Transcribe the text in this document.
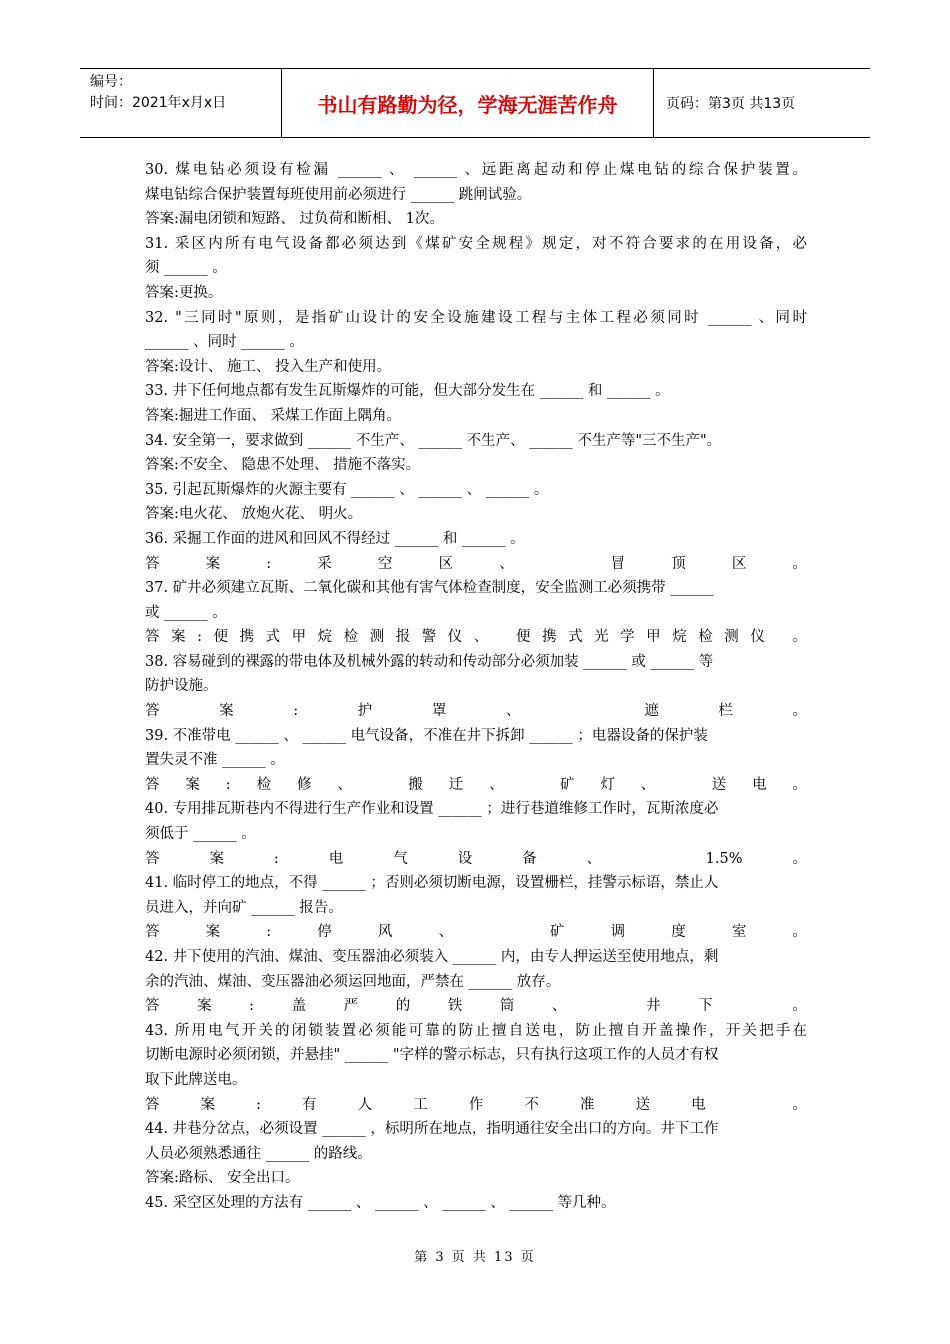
编号：
时间：2021年x月x日	书山有路勤为径，学海无涯苦作舟	页码：第3页 共13页
30. 煤电钻必须设有检漏 ______ 、 ______ 、远距离起动和停止煤电钻的综合保护装置。
煤电钻综合保护装置每班使用前必须进行 ______ 跳闸试验。
答案:漏电闭锁和短路、 过负荷和断相、 1次。
31. 采区内所有电气设备都必须达到《煤矿安全规程》规定，对不符合要求的在用设备，必
须 ______ 。
答案:更换。
32. "三同时"原则，是指矿山设计的安全设施建设工程与主体工程必须同时 ______ 、同时
______ 、同时 ______ 。
答案:设计、 施工、 投入生产和使用。
33. 井下任何地点都有发生瓦斯爆炸的可能，但大部分发生在 ______ 和 ______ 。
答案:掘进工作面、 采煤工作面上隅角。
34. 安全第一，要求做到 ______ 不生产、 ______ 不生产、 ______ 不生产等"三不生产"。
答案:不安全、 隐患不处理、 措施不落实。
35. 引起瓦斯爆炸的火源主要有 ______ 、 ______ 、 ______ 。
答案:电火花、 放炮火花、 明火。
36. 采掘工作面的进风和回风不得经过 ______ 和 ______ 。
答案:采空区、 冒顶区。
37. 矿井必须建立瓦斯、二氧化碳和其他有害气体检查制度，安全监测工必须携带 ______
或 ______ 。
答案:便携式甲烷检测报警仪、 便携式光学甲烷检测仪 。
38. 容易碰到的裸露的带电体及机械外露的转动和传动部分必须加装 ______ 或 ______ 等
防护设施。
答案:护罩、 遮栏。
39. 不准带电 ______ 、 ______ 电气设备，不准在井下拆卸 ______ ；电器设备的保护装
置失灵不准 ______ 。
答案:检修、 搬迁、 矿灯、 送电。
40. 专用排瓦斯巷内不得进行生产作业和设置 ______ ；进行巷道维修工作时，瓦斯浓度必
须低于 ______ 。
答案:电气设备、 1.5%。
41. 临时停工的地点，不得 ______ ；否则必须切断电源，设置栅栏，挂警示标语，禁止人
员进入，并向矿 ______ 报告。
答案:停风、 矿调度室。
42. 井下使用的汽油、煤油、变压器油必须装入 ______ 内，由专人押运送至使用地点，剩
余的汽油、煤油、变压器油必须运回地面，严禁在 ______ 放存。
答案:盖严的铁筒、 井下 。
43. 所用电气开关的闭锁装置必须能可靠的防止擅自送电，防止擅自开盖操作，开关把手在
切断电源时必须闭锁，并悬挂" ______ "字样的警示标志，只有执行这项工作的人员才有权
取下此牌送电。
答案:有人工作不准送电 。
44. 井巷分岔点，必须设置 ______ ，标明所在地点，指明通往安全出口的方向。井下工作
人员必须熟悉通往 ______ 的路线。
答案:路标、 安全出口。
45. 采空区处理的方法有 ______ 、 ______ 、 ______ 、 ______ 等几种。
第 3 页 共 13 页
